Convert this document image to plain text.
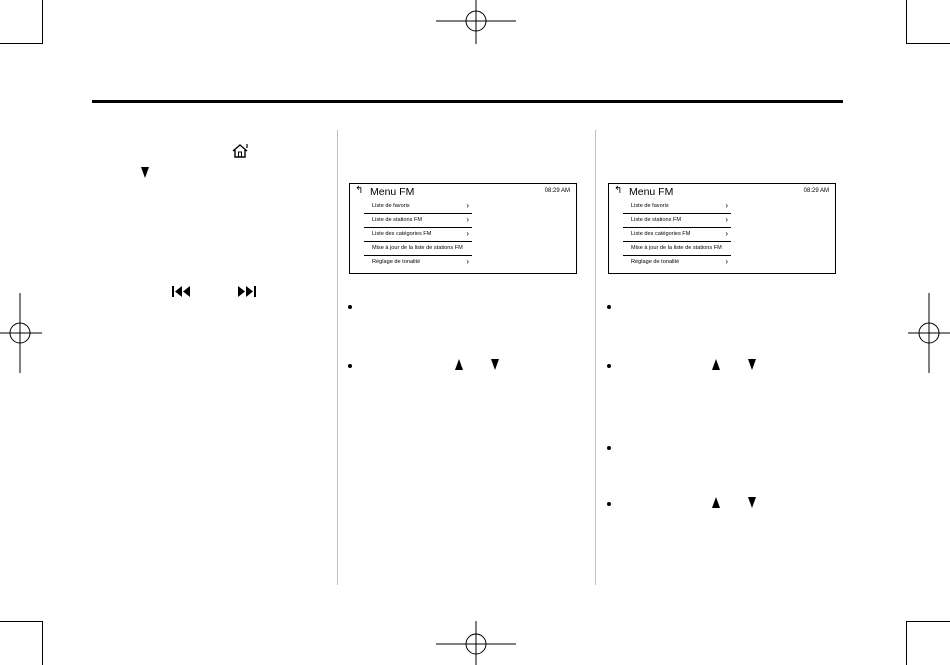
↰ Menu FM	08:29 AM
Liste de favoris	›
Liste de stations FM	›
Liste des catégories FM	›
Mise à jour de la liste de stations FM
Réglage de tonalité	›
↰ Menu FM	08:29 AM
Liste de favoris	›
Liste de stations FM	›
Liste des catégories FM	›
Mise à jour de la liste de stations FM
Réglage de tonalité	›
